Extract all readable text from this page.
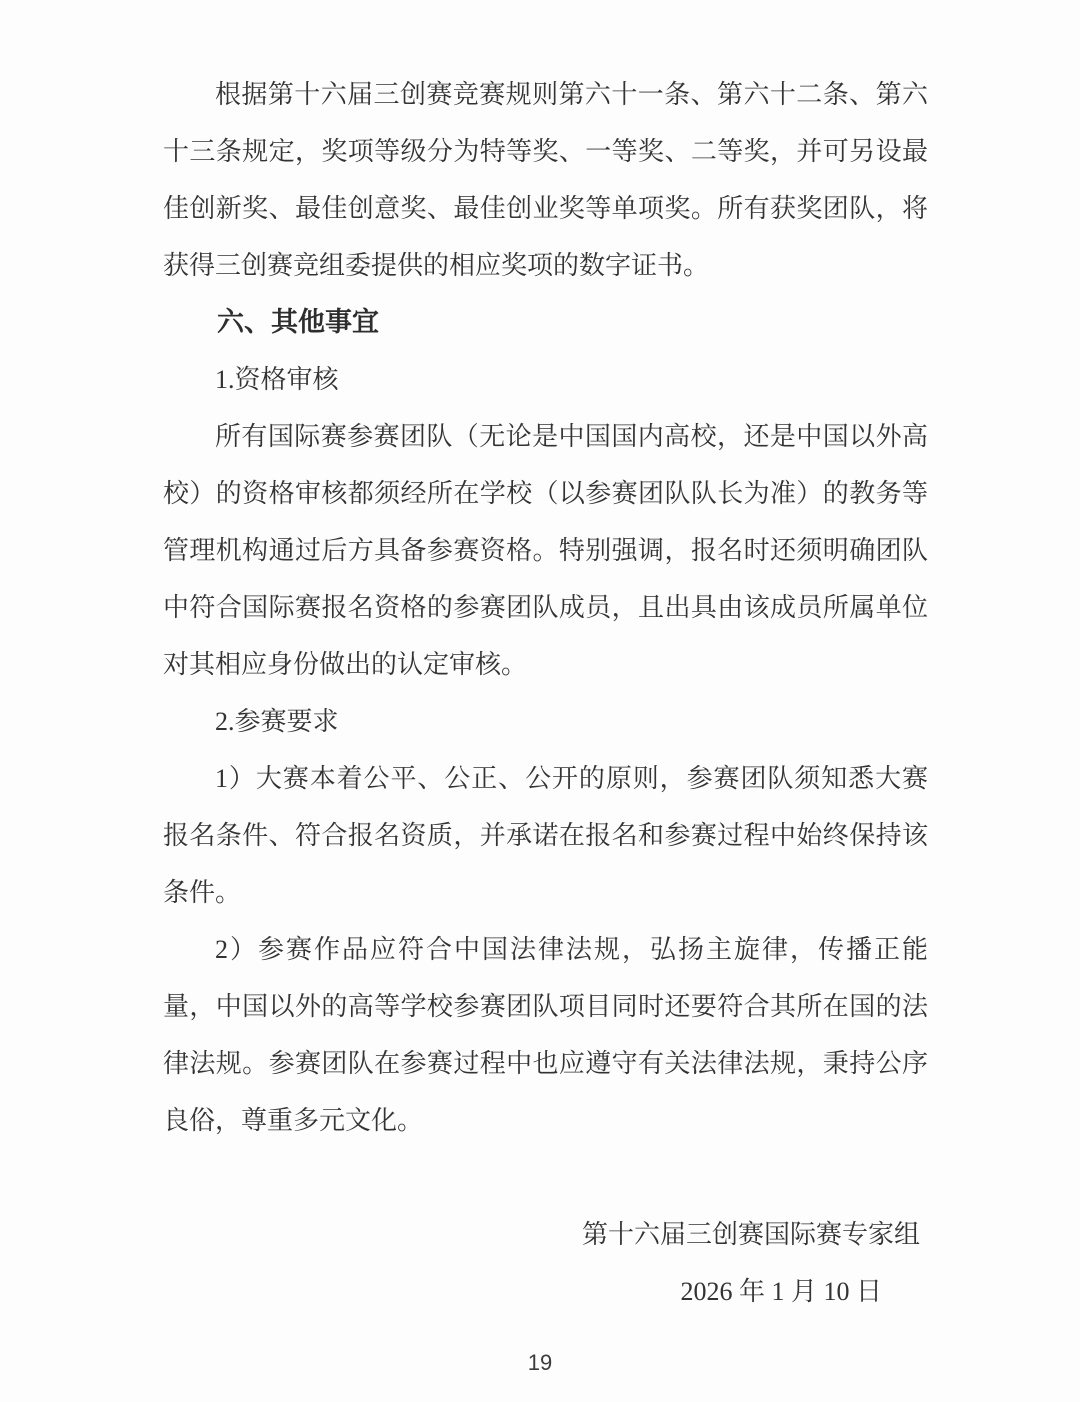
根据第十六届三创赛竞赛规则第六十一条、第六十二条、第六十三条规定，奖项等级分为特等奖、一等奖、二等奖，并可另设最佳创新奖、最佳创意奖、最佳创业奖等单项奖。所有获奖团队，将获得三创赛竞组委提供的相应奖项的数字证书。

六、其他事宜

1.资格审核

所有国际赛参赛团队（无论是中国国内高校，还是中国以外高校）的资格审核都须经所在学校（以参赛团队队长为准）的教务等管理机构通过后方具备参赛资格。特别强调，报名时还须明确团队中符合国际赛报名资格的参赛团队成员，且出具由该成员所属单位对其相应身份做出的认定审核。

2.参赛要求

1）大赛本着公平、公正、公开的原则，参赛团队须知悉大赛报名条件、符合报名资质，并承诺在报名和参赛过程中始终保持该条件。

2）参赛作品应符合中国法律法规，弘扬主旋律，传播正能量，中国以外的高等学校参赛团队项目同时还要符合其所在国的法律法规。参赛团队在参赛过程中也应遵守有关法律法规，秉持公序良俗，尊重多元文化。

第十六届三创赛国际赛专家组
2026 年 1 月 10 日
19
